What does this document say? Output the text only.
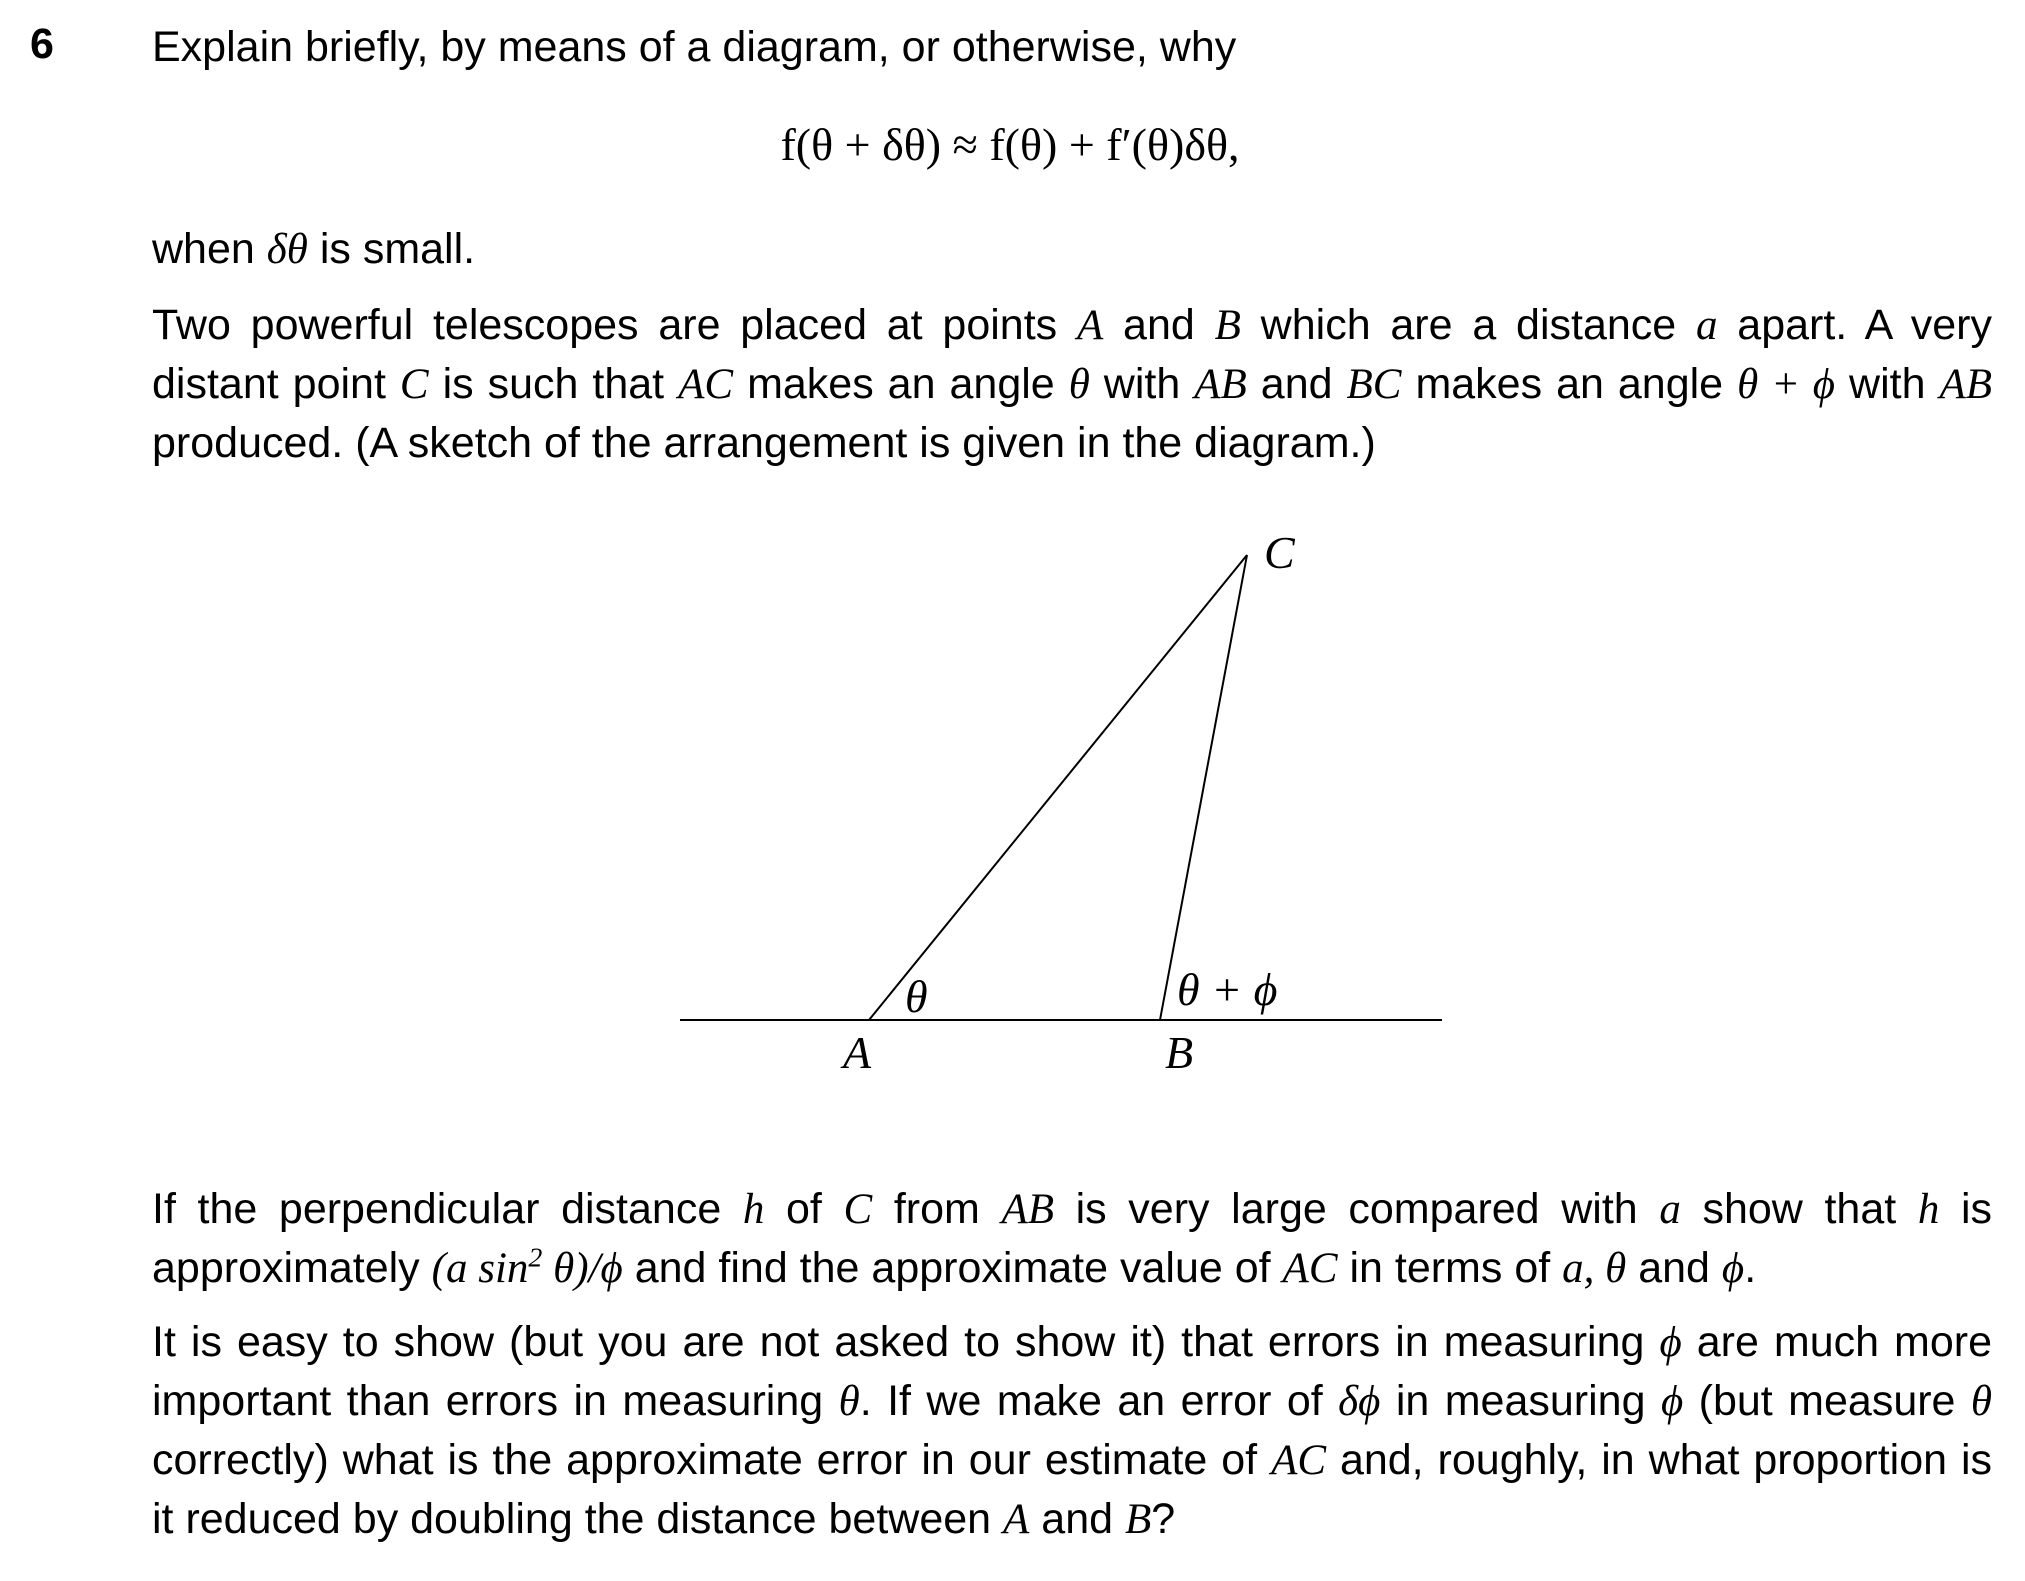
6 Explain briefly, by means of a diagram, or otherwise, why
f(θ + δθ) ≈ f(θ) + f′(θ)δθ,
when δθ is small.
Two powerful telescopes are placed at points A and B which are a distance a apart. A very distant point C is such that AC makes an angle θ with AB and BC makes an angle θ + ϕ with AB produced. (A sketch of the arrangement is given in the diagram.)
C
θ	θ + ϕ
A	B
If the perpendicular distance h of C from AB is very large compared with a show that h is approximately (a $\sin^2 \theta)/\phi$ and find the approximate value of AC in terms of a, θ and ϕ.
It is easy to show (but you are not asked to show it) that errors in measuring ϕ are much more important than errors in measuring θ. If we make an error of δϕ in measuring ϕ (but measure θ correctly) what is the approximate error in our estimate of AC and, roughly, in what proportion is it reduced by doubling the distance between A and B?
